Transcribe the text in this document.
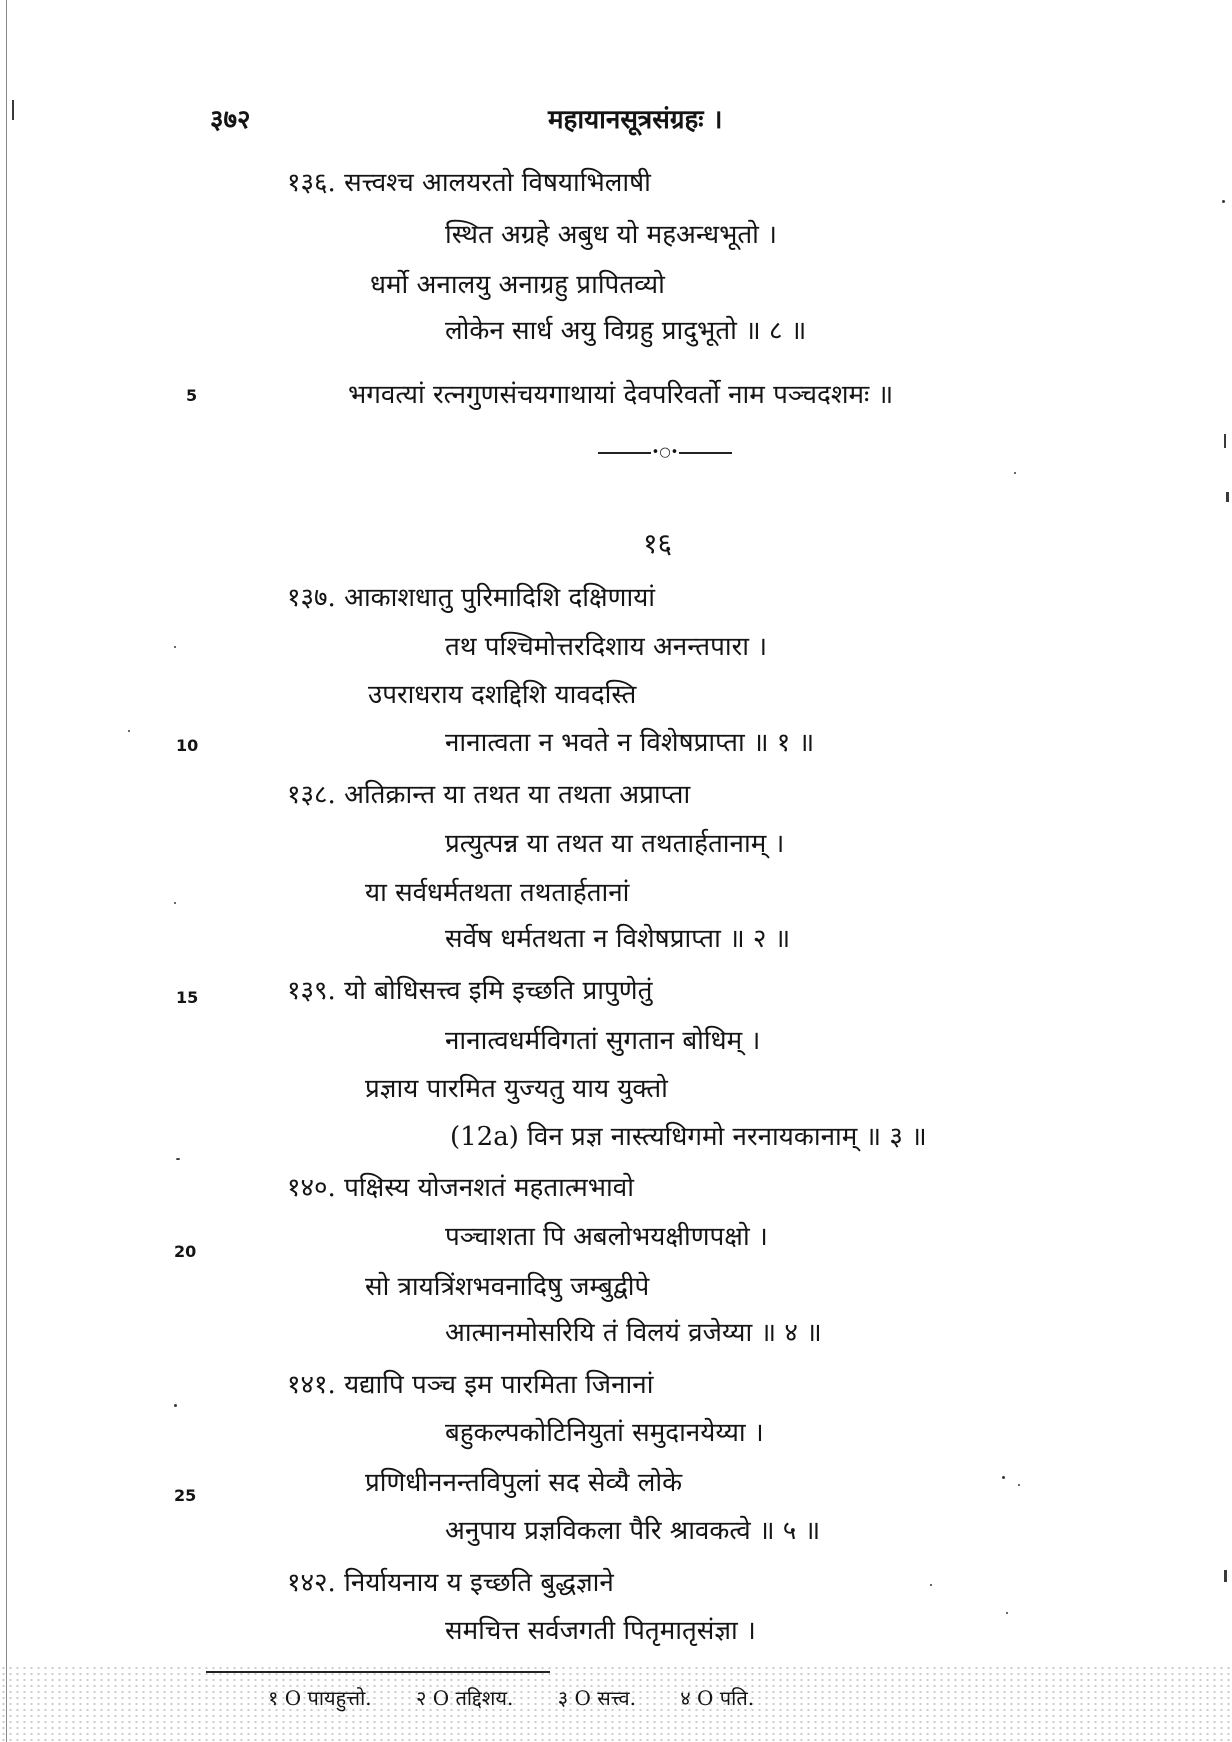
३७२	महायानसूत्रसंग्रहः ।
१३६. सत्त्वश्च आलयरतो विषयाभिलाषी
स्थित अग्रहे अबुध यो महअन्धभूतो ।
धर्मो अनालयु अनाग्रहु प्रापितव्यो
लोकेन सार्ध अयु विग्रहु प्रादुभूतो ॥ ८ ॥
5	भगवत्यां रत्नगुणसंचयगाथायां देवपरिवर्तो नाम पञ्चदशमः ॥
•○•
१६
१३७. आकाशधातु पुरिमादिशि दक्षिणायां
तथ पश्चिमोत्तरदिशाय अनन्तपारा ।
उपराधराय दशद्दिशि यावदस्ति
नानात्वता न भवते न विशेषप्राप्ता ॥ १ ॥
10
१३८. अतिक्रान्त या तथत या तथता अप्राप्ता
प्रत्युत्पन्न या तथत या तथतार्हतानाम् ।
या सर्वधर्मतथता तथतार्हतानां
सर्वेष धर्मतथता न विशेषप्राप्ता ॥ २ ॥
15	१३९. यो बोधिसत्त्व इमि इच्छति प्रापुणेतुं
नानात्वधर्मविगतां सुगतान बोधिम् ।
प्रज्ञाय पारमित युज्यतु याय युक्तो
(12a) विन प्रज्ञ नास्त्यधिगमो नरनायकानाम् ॥ ३ ॥
१४०. पक्षिस्य योजनशतं महतात्मभावो
पञ्चाशता पि अबलोभयक्षीणपक्षो ।
सो त्रायत्रिंशभवनादिषु जम्बुद्वीपे
आत्मानमोसरियि तं विलयं व्रजेय्या ॥ ४ ॥
20
१४१. यद्यापि पञ्च इम पारमिता जिनानां
बहुकल्पकोटिनियुतां समुदानयेय्या ।
प्रणिधीननन्तविपुलां सद सेव्यै लोके
अनुपाय प्रज्ञविकला पैरि श्रावकत्वे ॥ ५ ॥
25
१४२. निर्यायनाय य इच्छति बुद्धज्ञाने
समचित्त सर्वजगती पितृमातृसंज्ञा ।
१ O पायहुत्तो. २ O तद्दिशय. ३ O सत्त्व. ४ O पति.
